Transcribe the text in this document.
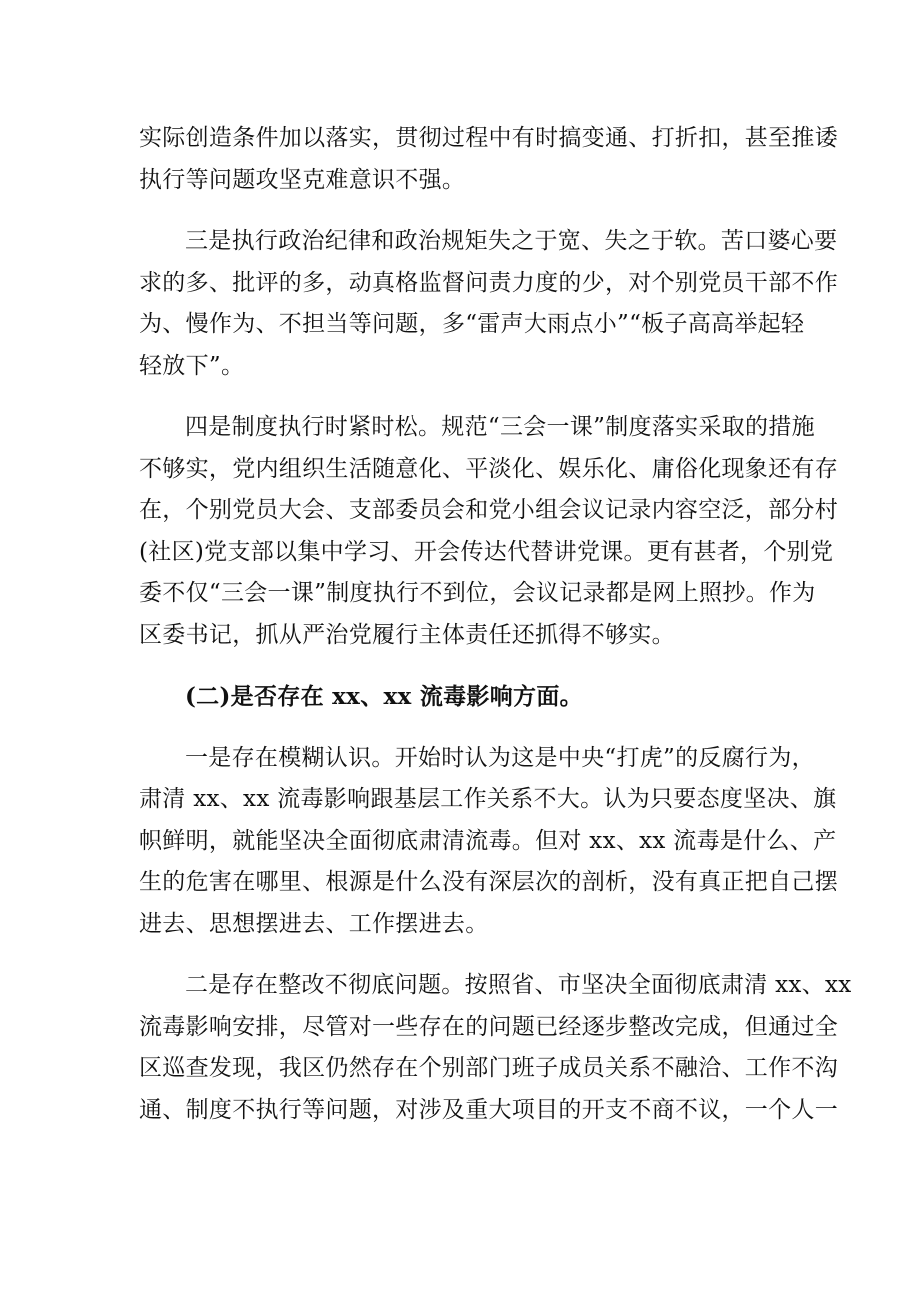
实际创造条件加以落实，贯彻过程中有时搞变通、打折扣，甚至推诿
执行等问题攻坚克难意识不强。
三是执行政治纪律和政治规矩失之于宽、失之于软。苦口婆心要
求的多、批评的多，动真格监督问责力度的少，对个别党员干部不作
为、慢作为、不担当等问题，多“雷声大雨点小”“板子高高举起轻
轻放下”。
四是制度执行时紧时松。规范“三会一课”制度落实采取的措施
不够实，党内组织生活随意化、平淡化、娱乐化、庸俗化现象还有存
在，个别党员大会、支部委员会和党小组会议记录内容空泛，部分村
(社区)党支部以集中学习、开会传达代替讲党课。更有甚者，个别党
委不仅“三会一课”制度执行不到位，会议记录都是网上照抄。作为
区委书记，抓从严治党履行主体责任还抓得不够实。
(二)是否存在 xx、xx 流毒影响方面。
一是存在模糊认识。开始时认为这是中央“打虎”的反腐行为，
肃清 xx、xx 流毒影响跟基层工作关系不大。认为只要态度坚决、旗
帜鲜明，就能坚决全面彻底肃清流毒。但对 xx、xx 流毒是什么、产
生的危害在哪里、根源是什么没有深层次的剖析，没有真正把自己摆
进去、思想摆进去、工作摆进去。
二是存在整改不彻底问题。按照省、市坚决全面彻底肃清 xx、xx
流毒影响安排，尽管对一些存在的问题已经逐步整改完成，但通过全
区巡查发现，我区仍然存在个别部门班子成员关系不融洽、工作不沟
通、制度不执行等问题，对涉及重大项目的开支不商不议，一个人一
